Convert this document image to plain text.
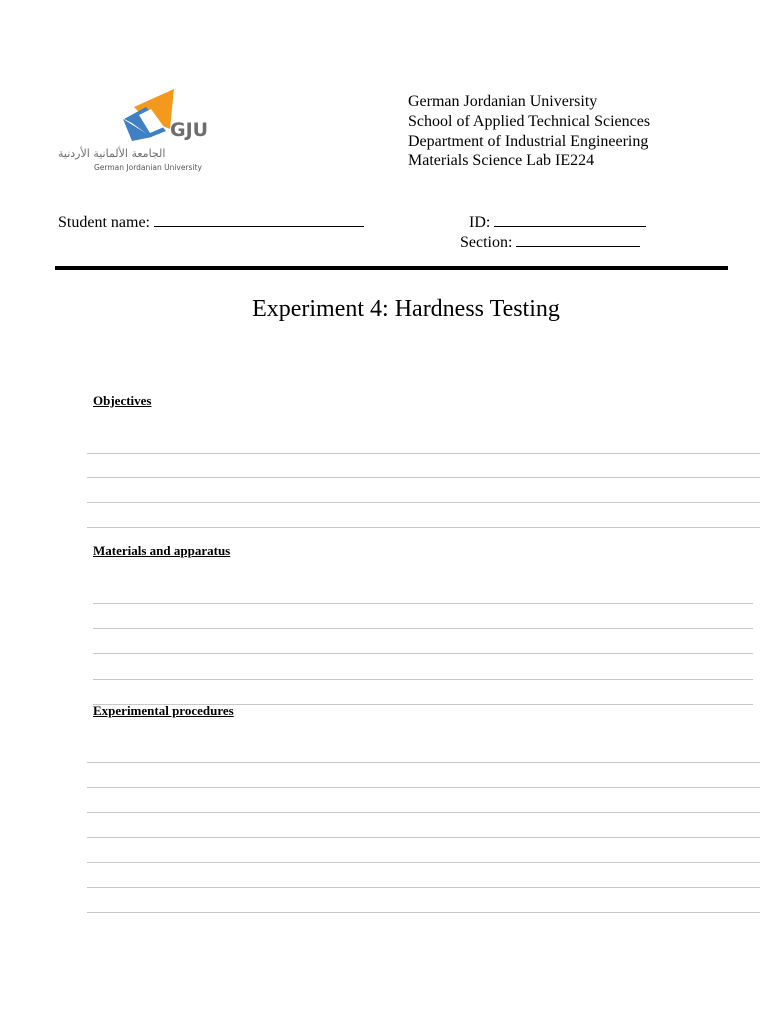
GJU
الجامعة الألمانية الأردنية
German Jordanian University
German Jordanian University
School of Applied Technical Sciences
Department of Industrial Engineering
Materials Science Lab IE224
Student name:	ID:
Section:
Experiment 4: Hardness Testing
Objectives
Materials and apparatus
Experimental procedures
